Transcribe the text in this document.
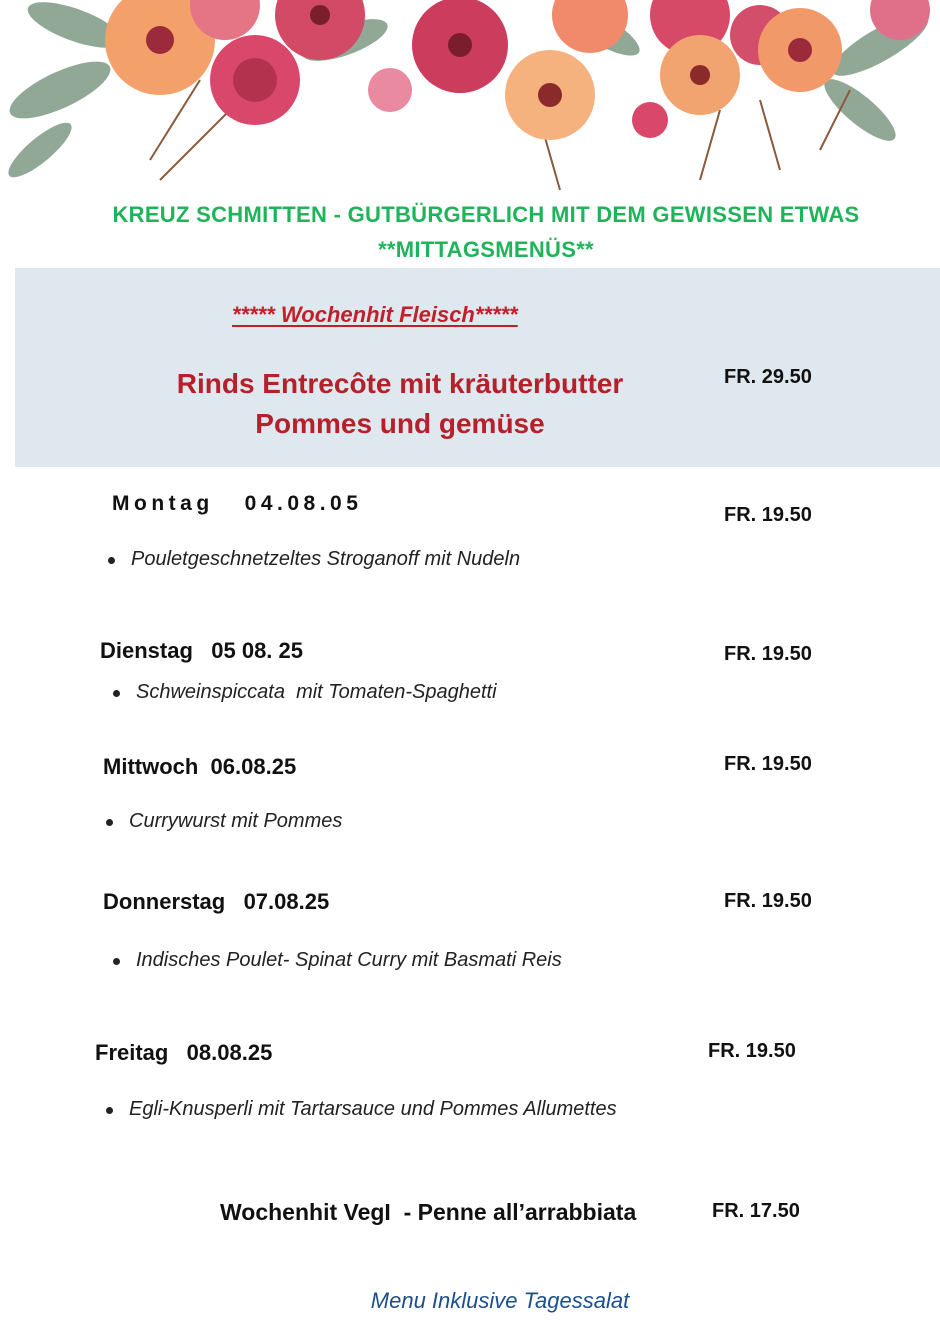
KREUZ SCHMITTEN - GUTBÜRGERLICH MIT DEM GEWISSEN ETWAS
**MITTAGSMENÜS**
***** Wochenhit Fleisch*****
Rinds Entrecôte mit kräuterbutter
Pommes und gemüse
FR. 29.50
Montag   04.08.05	FR. 19.50
Pouletgeschnetzeltes Stroganoff mit Nudeln
Dienstag   05 08. 25	FR. 19.50
Schweinspiccata  mit Tomaten-Spaghetti
Mittwoch  06.08.25	FR. 19.50
Currywurst mit Pommes
Donnerstag   07.08.25	FR. 19.50
Indisches Poulet- Spinat Curry mit Basmati Reis
Freitag   08.08.25	FR. 19.50
Egli-Knusperli mit Tartarsauce und Pommes Allumettes
Wochenhit VegI  - Penne all’arrabbiata	FR. 17.50
Menu Inklusive Tagessalat
